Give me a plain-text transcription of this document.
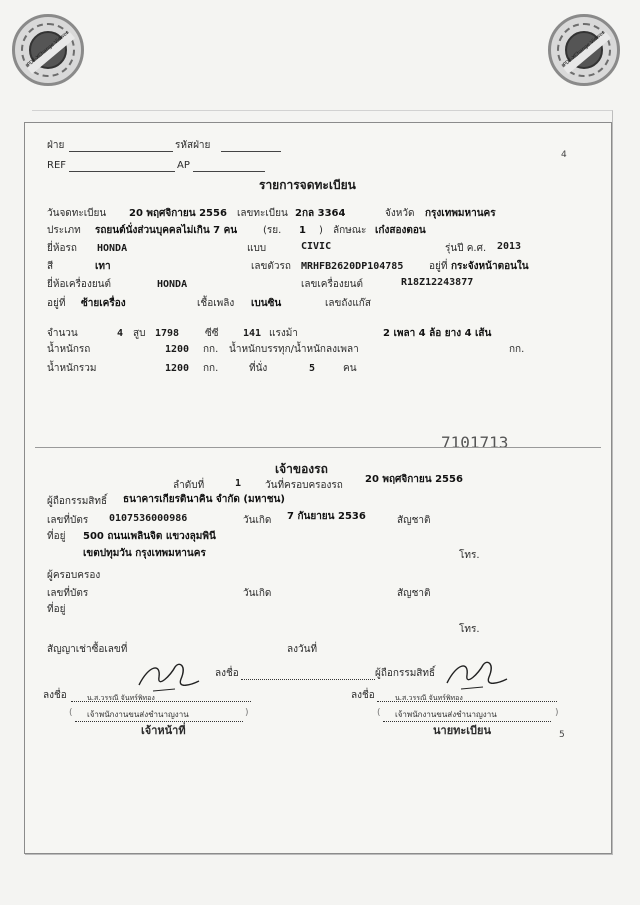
PDF-XChange Viewer	PDF-XChange Viewer
ฝ่าย	รหัสฝ่าย
REF	AP
4
รายการจดทะเบียน
วันจดทะเบียน 20 พฤศจิกายน 2556 เลขทะเบียน 2กล 3364	จังหวัด กรุงเทพมหานคร
ประเภท รถยนต์นั่งส่วนบุคคลไม่เกิน 7 คน	(รย. 1 ) ลักษณะ เก๋งสองตอน
ยี่ห้อรถ HONDA	แบบ	CIVIC	รุ่นปี ค.ศ. 2013
สี	เทา	เลขตัวรถ MRHFB2620DP104785	อยู่ที่ กระจังหน้าตอนใน
ยี่ห้อเครื่องยนต์	HONDA	เลขเครื่องยนต์	R18Z12243877
อยู่ที่ ซ้ายเครื่อง	เชื้อเพลิง เบนซิน	เลขถังแก๊ส
จำนวน	4 สูบ 1798	ซีซี 141 แรงม้า	2 เพลา 4 ล้อ ยาง 4 เส้น
น้ำหนักรถ	1200 กก. น้ำหนักบรรทุก/น้ำหนักลงเพลา	กก.
น้ำหนักรวม	1200 กก.	ที่นั่ง	5	คน
7101713
เจ้าของรถ
ลำดับที่	1 วันที่ครอบครองรถ
20 พฤศจิกายน 2556
ผู้ถือกรรมสิทธิ์ ธนาคารเกียรตินาคิน จำกัด (มหาชน)
เลขที่บัตร 0107536000986	วันเกิด 7 กันยายน 2536	สัญชาติ
ที่อยู่ 500 ถนนเพลินจิต แขวงลุมพินี
เขตปทุมวัน กรุงเทพมหานคร	โทร.
ผู้ครอบครอง
เลขที่บัตร	วันเกิด	สัญชาติ
ที่อยู่
โทร.
สัญญาเช่าซื้อเลขที่	ลงวันที่
ลงชื่อ	ผู้ถือกรรมสิทธิ์
ลงชื่อ	ลงชื่อ
น.ส.วรรณี จันทร์พิทอง	น.ส.วรรณี จันทร์พิทอง
( เจ้าพนักงานขนส่งชำนาญงาน	)	( เจ้าพนักงานขนส่งชำนาญงาน	)
เจ้าหน้าที่	นายทะเบียน	5
